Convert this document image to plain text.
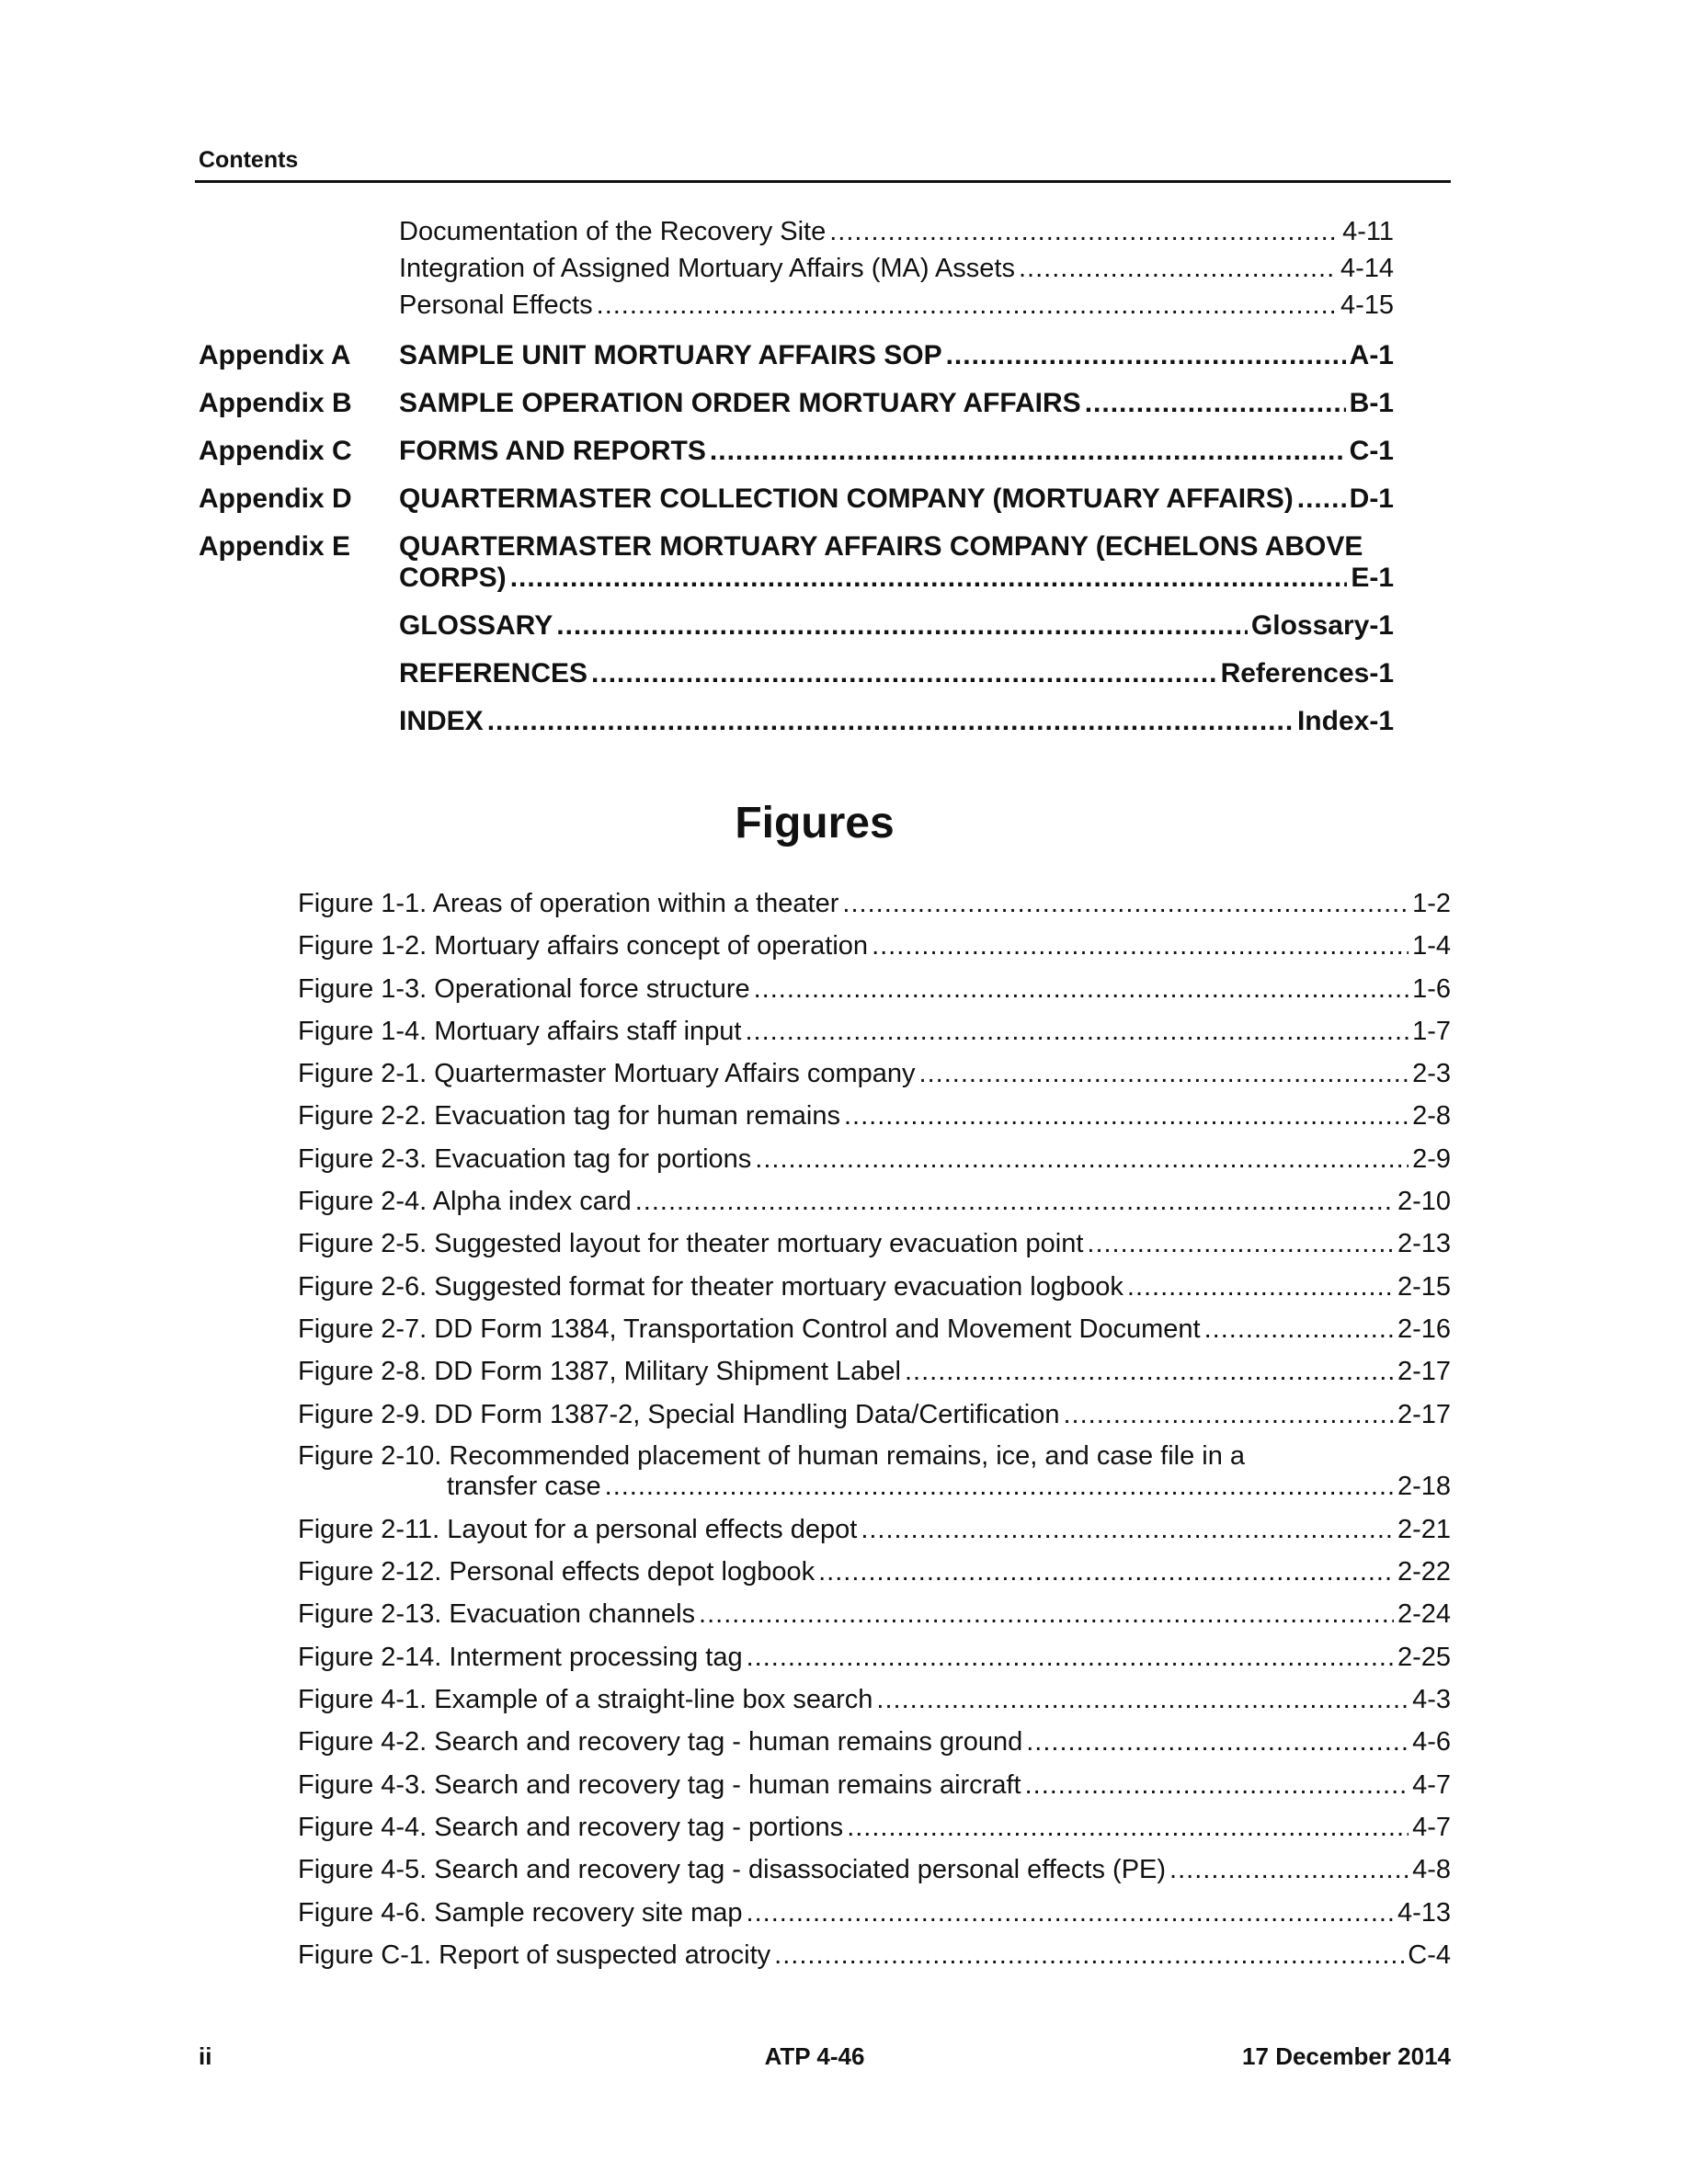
Contents
Documentation of the Recovery Site .....	4-11
Integration of Assigned Mortuary Affairs (MA) Assets .....	4-14
Personal Effects .....	4-15
Appendix A	SAMPLE UNIT MORTUARY AFFAIRS SOP .....	A-1
Appendix B	SAMPLE OPERATION ORDER MORTUARY AFFAIRS .....	B-1
Appendix C	FORMS AND REPORTS .....	C-1
Appendix D	QUARTERMASTER COLLECTION COMPANY (MORTUARY AFFAIRS) ..... D-1
Appendix E	QUARTERMASTER MORTUARY AFFAIRS COMPANY (ECHELONS ABOVE
CORPS) .....	E-1
GLOSSARY .....	Glossary-1
REFERENCES .....	References-1
INDEX .....	Index-1
Figures
Figure 1-1. Areas of operation within a theater .....	1-2
Figure 1-2. Mortuary affairs concept of operation .....	1-4
Figure 1-3. Operational force structure .....	1-6
Figure 1-4. Mortuary affairs staff input .....	1-7
Figure 2-1. Quartermaster Mortuary Affairs company .....	2-3
Figure 2-2. Evacuation tag for human remains .....	2-8
Figure 2-3. Evacuation tag for portions .....	2-9
Figure 2-4. Alpha index card .....	2-10
Figure 2-5. Suggested layout for theater mortuary evacuation point .....	2-13
Figure 2-6. Suggested format for theater mortuary evacuation logbook .....	2-15
Figure 2-7. DD Form 1384, Transportation Control and Movement Document .....	2-16
Figure 2-8. DD Form 1387, Military Shipment Label .....	2-17
Figure 2-9. DD Form 1387-2, Special Handling Data/Certification .....	2-17
Figure 2-10. Recommended placement of human remains, ice, and case file in a
transfer case .....	2-18
Figure 2-11. Layout for a personal effects depot .....	2-21
Figure 2-12. Personal effects depot logbook .....	2-22
Figure 2-13. Evacuation channels .....	2-24
Figure 2-14. Interment processing tag .....	2-25
Figure 4-1. Example of a straight-line box search .....	4-3
Figure 4-2. Search and recovery tag - human remains ground .....	4-6
Figure 4-3. Search and recovery tag - human remains aircraft .....	4-7
Figure 4-4. Search and recovery tag - portions .....	4-7
Figure 4-5. Search and recovery tag - disassociated personal effects (PE) .....	4-8
Figure 4-6. Sample recovery site map .....	4-13
Figure C-1. Report of suspected atrocity .....	C-4
ii	ATP 4-46	17 December 2014
